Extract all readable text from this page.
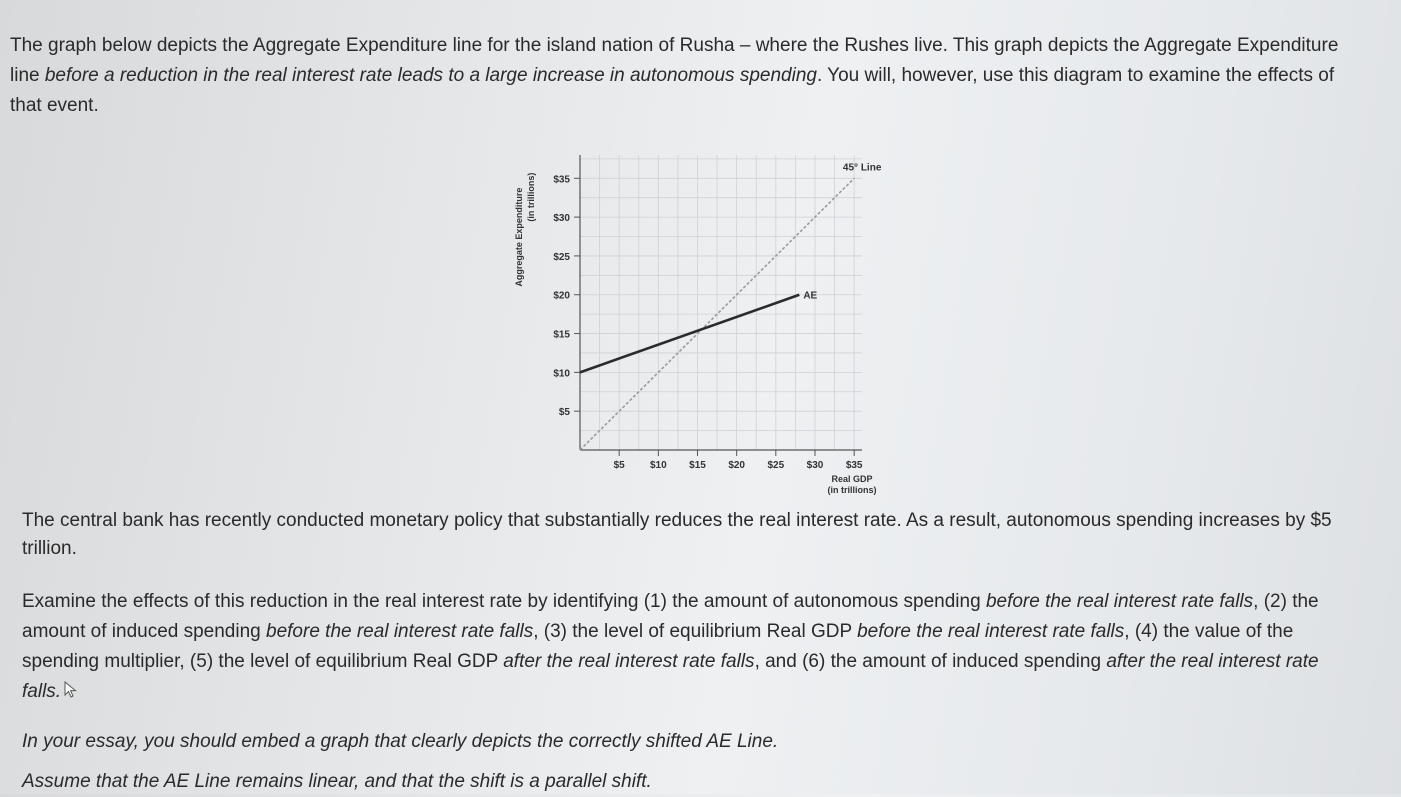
The graph below depicts the Aggregate Expenditure line for the island nation of Rusha – where the Rushes live. This graph depicts the Aggregate Expenditure line before a reduction in the real interest rate leads to a large increase in autonomous spending. You will, however, use this diagram to examine the effects of that event.

$5
$10
$15
$20
$25
$30
$35
$5	$10 $15 $20 $25 $30 $35
45° Line
AE
Real GDP
(in trillions)
Aggregate Expenditure (in trillions)

The central bank has recently conducted monetary policy that substantially reduces the real interest rate. As a result, autonomous spending increases by $5 trillion.

Examine the effects of this reduction in the real interest rate by identifying (1) the amount of autonomous spending before the real interest rate falls, (2) the amount of induced spending before the real interest rate falls, (3) the level of equilibrium Real GDP before the real interest rate falls, (4) the value of the spending multiplier, (5) the level of equilibrium Real GDP after the real interest rate falls, and (6) the amount of induced spending after the real interest rate falls.

In your essay, you should embed a graph that clearly depicts the correctly shifted AE Line.

Assume that the AE Line remains linear, and that the shift is a parallel shift.
